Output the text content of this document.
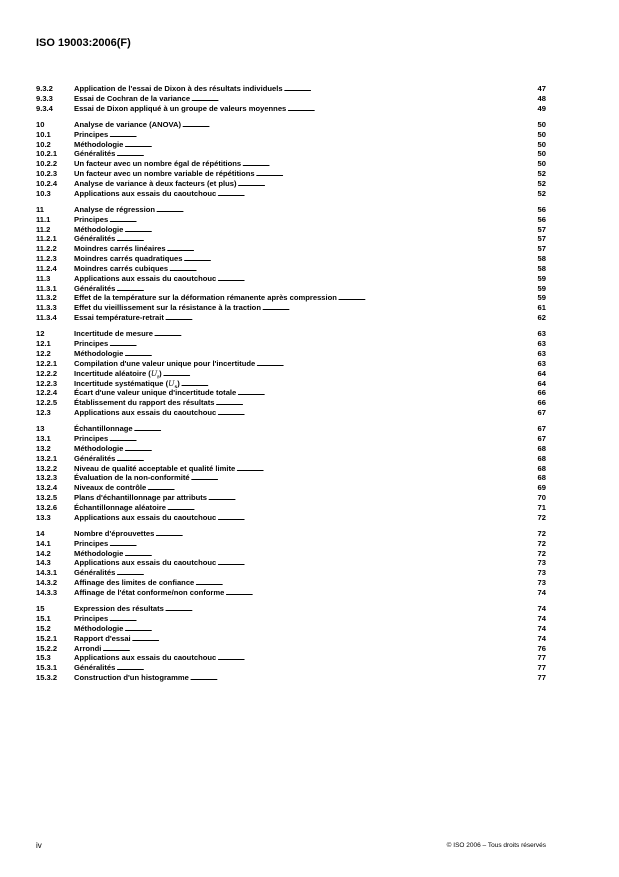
ISO 19003:2006(F)
9.3.2	Application de l'essai de Dixon à des résultats individuels . . .	47
9.3.3	Essai de Cochran de la variance . . .	48
9.3.4	Essai de Dixon appliqué à un groupe de valeurs moyennes . . .	49
10	Analyse de variance (ANOVA) . . .	50
10.1	Principes . . .	50
10.2	Méthodologie . . .	50
10.2.1	Généralités . . .	50
10.2.2	Un facteur avec un nombre égal de répétitions . . .	50
10.2.3	Un facteur avec un nombre variable de répétitions . . .	52
10.2.4	Analyse de variance à deux facteurs (et plus) . . .	52
10.3	Applications aux essais du caoutchouc . . .	52
11	Analyse de régression . . .	56
11.1	Principes . . .	56
11.2	Méthodologie . . .	57
11.2.1	Généralités . . .	57
11.2.2	Moindres carrés linéaires . . .	57
11.2.3	Moindres carrés quadratiques . . .	58
11.2.4	Moindres carrés cubiques . . .	58
11.3	Applications aux essais du caoutchouc . . .	59
11.3.1	Généralités . . .	59
11.3.2	Effet de la température sur la déformation rémanente après compression . . .	59
11.3.3	Effet du vieillissement sur la résistance à la traction . . .	61
11.3.4	Essai température-retrait . . .	62
12	Incertitude de mesure . . .	63
12.1	Principes . . .	63
12.2	Méthodologie . . .	63
12.2.1	Compilation d'une valeur unique pour l'incertitude . . .	63
12.2.2	Incertitude aléatoire $(U_r)$ . . .	64
12.2.3	Incertitude systématique $(U_s)$ . . .	64
12.2.4	Écart d'une valeur unique d'incertitude totale . . .	66
12.2.5	Établissement du rapport des résultats . . .	66
12.3	Applications aux essais du caoutchouc . . .	67
13	Échantillonnage . . .	67
13.1	Principes . . .	67
13.2	Méthodologie . . .	68
13.2.1	Généralités . . .	68
13.2.2	Niveau de qualité acceptable et qualité limite . . .	68
13.2.3	Évaluation de la non-conformité . . .	68
13.2.4	Niveaux de contrôle . . .	69
13.2.5	Plans d'échantillonnage par attributs . . .	70
13.2.6	Échantillonnage aléatoire . . .	71
13.3	Applications aux essais du caoutchouc . . .	72
14	Nombre d'éprouvettes . . .	72
14.1	Principes . . .	72
14.2	Méthodologie . . .	72
14.3	Applications aux essais du caoutchouc . . .	73
14.3.1	Généralités . . .	73
14.3.2	Affinage des limites de confiance . . .	73
14.3.3	Affinage de l'état conforme/non conforme . . .	74
15	Expression des résultats . . .	74
15.1	Principes . . .	74
15.2	Méthodologie . . .	74
15.2.1	Rapport d'essai . . .	74
15.2.2	Arrondi . . .	76
15.3	Applications aux essais du caoutchouc . . .	77
15.3.1	Généralités . . .	77
15.3.2	Construction d'un histogramme . . .	77
iv	© ISO 2006 – Tous droits réservés
